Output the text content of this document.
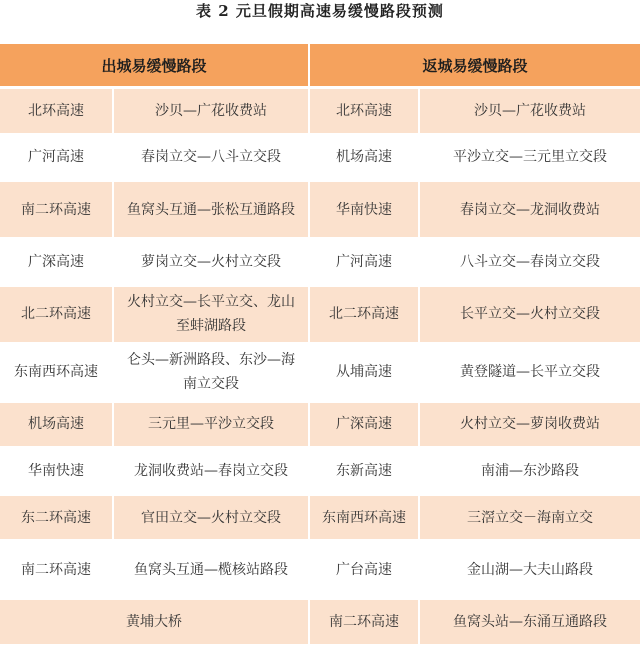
表 2 元旦假期高速易缓慢路段预测
出城易缓慢路段		返城易缓慢路段	
北环高速	沙贝—广花收费站	北环高速	沙贝—广花收费站
广河高速	春岗立交—八斗立交段	机场高速	平沙立交—三元里立交段
南二环高速	鱼窝头互通—张松互通路段	华南快速	春岗立交—龙洞收费站
广深高速	萝岗立交—火村立交段	广河高速	八斗立交—春岗立交段
北二环高速	火村立交—长平立交、龙山至蚌湖路段	北二环高速	长平立交—火村立交段
东南西环高速	仑头—新洲路段、东沙—海南立交段	从埔高速	黄登隧道—长平立交段
机场高速	三元里—平沙立交段	广深高速	火村立交—萝岗收费站
华南快速	龙洞收费站—春岗立交段	东新高速	南浦—东沙路段
东二环高速	官田立交—火村立交段	东南西环高速	三滘立交－海南立交
南二环高速	鱼窝头互通—榄核站路段	广台高速	金山湖—大夫山路段
黄埔大桥		南二环高速	鱼窝头站—东涌互通路段
